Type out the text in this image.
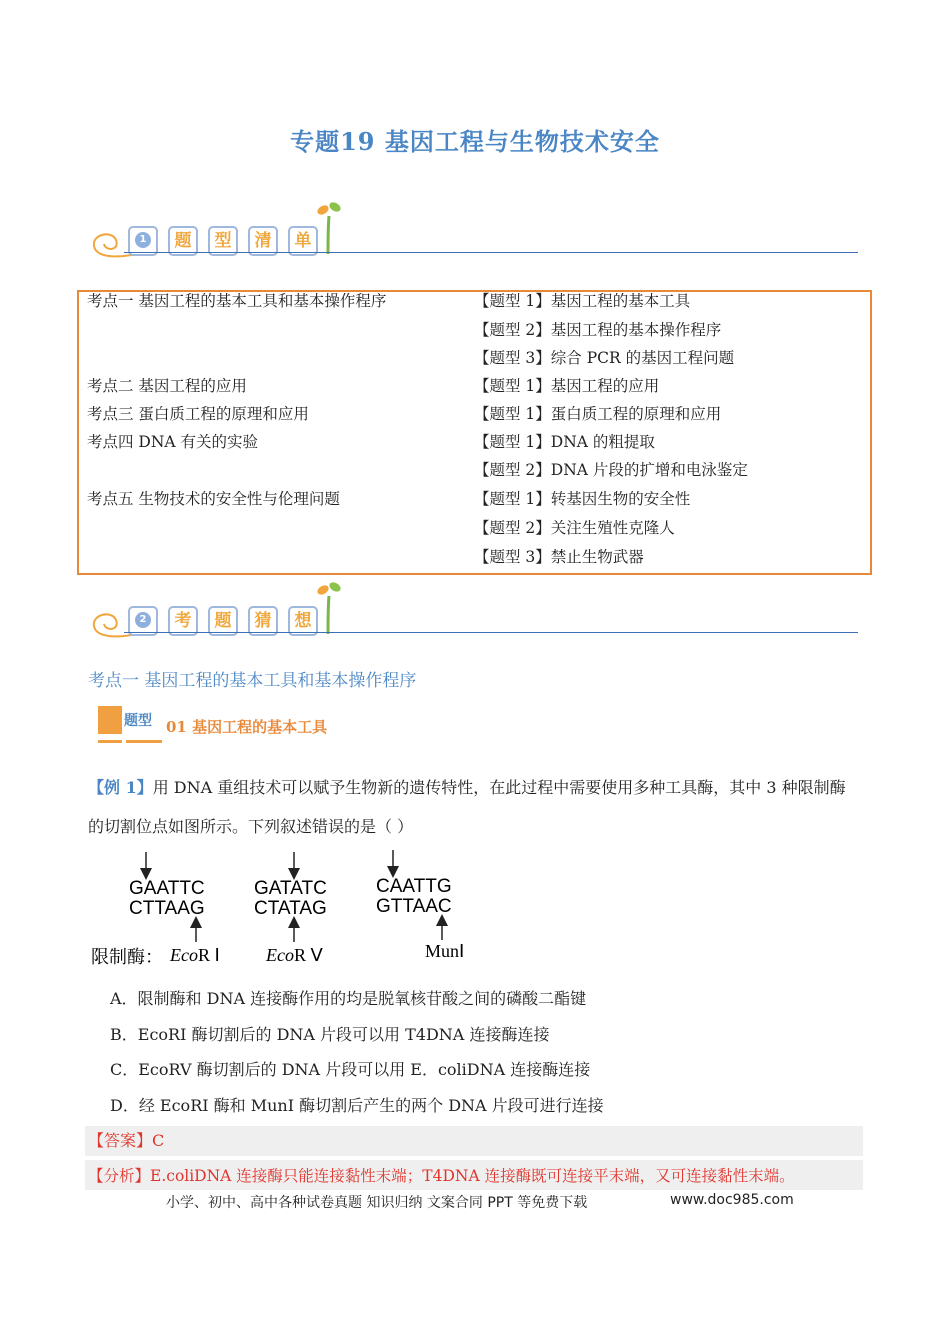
专题19 基因工程与生物技术安全
1	题	型	清	单
考点一 基因工程的基本工具和基本操作程序	【题型 1】基因工程的基本工具
【题型 2】基因工程的基本操作程序
【题型 3】综合 PCR 的基因工程问题
考点二 基因工程的应用	【题型 1】基因工程的应用
考点三 蛋白质工程的原理和应用	【题型 1】蛋白质工程的原理和应用
考点四 DNA 有关的实验	【题型 1】DNA 的粗提取
【题型 2】DNA 片段的扩增和电泳鉴定
考点五 生物技术的安全性与伦理问题	【题型 1】转基因生物的安全性
【题型 2】关注生殖性克隆人
【题型 3】禁止生物武器
2	考	题	猜	想
考点一 基因工程的基本工具和基本操作程序
题型 01 基因工程的基本工具
【例 1】用 DNA 重组技术可以赋予生物新的遗传特性，在此过程中需要使用多种工具酶，其中 3 种限制酶
的切割位点如图所示。下列叙述错误的是（ ）
GAATTC
CTTAAG
GATATC
CTATAG
CAATTG
GTTAAC
限制酶： EcoR Ⅰ	EcoR Ⅴ	MunⅠ
A．限制酶和 DNA 连接酶作用的均是脱氧核苷酸之间的磷酸二酯键
B．EcoRI 酶切割后的 DNA 片段可以用 T4DNA 连接酶连接
C．EcoRV 酶切割后的 DNA 片段可以用 E．coliDNA 连接酶连接
D．经 EcoRI 酶和 MunI 酶切割后产生的两个 DNA 片段可进行连接
【答案】C
【分析】E.coliDNA 连接酶只能连接黏性末端；T4DNA 连接酶既可连接平末端，又可连接黏性末端。
小学、初中、高中各种试卷真题 知识归纳 文案合同 PPT 等免费下载	www.doc985.com
